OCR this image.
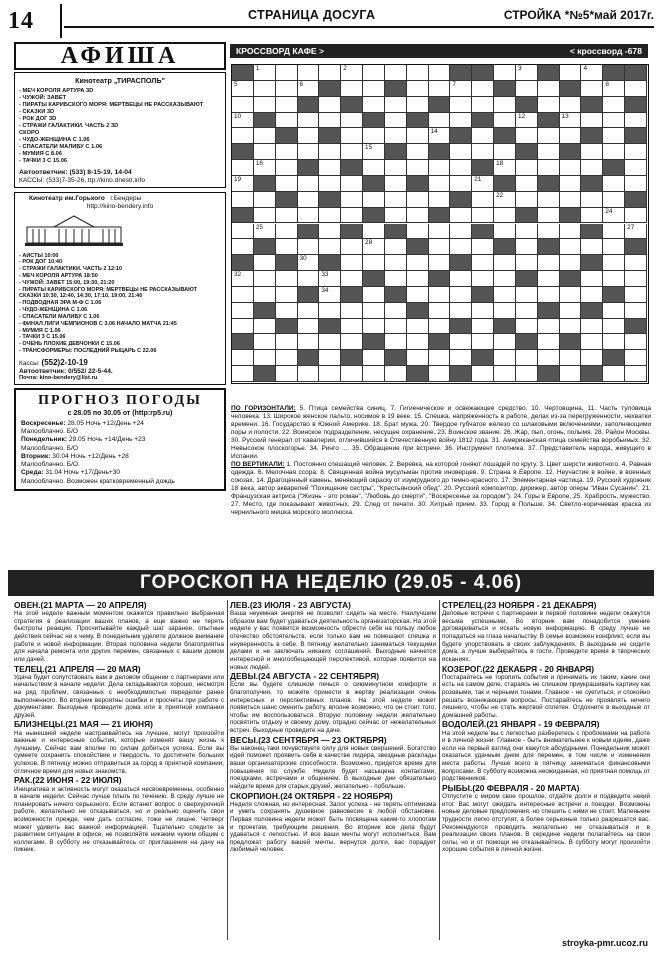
14	СТРАНИЦА ДОСУГА	СТРОЙКА *№5*май 2017г.
АФИША
Кинотеатр „ТИРАСПОЛЬ"
- МЕЧ КОРОЛЯ АРТУРА 3D
- ЧУЖОЙ: ЗАВЕТ
- ПИРАТЫ КАРИБСКОГО МОРЯ: МЕРТВЕЦЫ НЕ РАССКАЗЫВАЮТ
- СКАЗКИ 3D
- РОК ДОГ 3D
- СТРАЖИ ГАЛАКТИКИ. ЧАСТЬ 2 3D
СКОРО
- ЧУДО-ЖЕНЩИНА С 1.06
- СПАСАТЕЛИ МАЛИБУ С 1.06
- МУМИЯ С 8.06
- ТАЧКИ 3 С 15.06
Автоответчик: (533) 8-15-19, 14-04
КАССЫ: (533)7-35-26, ttp://kino.dnestr.info
Кинотеатр им.Горького г.Бендеры
http://kino-bendery.info
- АИСТЫ 10:00
- РОК ДОГ 10:40
- СТРАЖИ ГАЛАКТИКИ. ЧАСТЬ 2 12:10
- МЕЧ КОРОЛЯ АРТУРА 18:50
- ЧУЖОЙ: ЗАВЕТ 15:00, 19:30, 21:20
- ПИРАТЫ КАРИБСКОГО МОРЯ: МЕРТВЕЦЫ НЕ РАССКАЗЫВАЮТ
СКАЗКИ 10:30, 12:40, 14:30, 17:10, 19:00, 21:40
- ПОДВОДНАЯ ЭРА М-Ф С 1.06
- ЧУДО-ЖЕНЩИНА С 1.06
- СПАСАТЕЛИ МАЛИБУ С 1.06
- ФИНАЛ ЛИГИ ЧЕМПИОНОВ С 3.06 НАЧАЛО МАТЧА 21:45
- МУМИЯ С 1.06
- ТАЧКИ 3 С 15.06
- ОЧЕНЬ ПЛОХИЕ ДЕВЧОНКИ С 15.06
- ТРАНСФОРМЕРЫ: ПОСЛЕДНИЙ РЫЦАРЬ С 22.06
Кассы: (552)2-10-19
Автоответчик: 0/552/ 22-5-44.
Почта: kino-bendery@list.ru
ПРОГНОЗ ПОГОДЫ
с 28.05 по 30.05 от (http:rp5.ru)
Воскресенье: 28.05 Ночь +12/День +24
Малооблачно. Б/О
Понедельник: 29.05 Ночь +14/День +23
Малооблачно. Б/О
Вторник: 30.04 Ночь +12/День +28
Малооблачно. Б/О.
Среда: 31.04 Ночь +17/День+30
Малооблачно. Возможен кратковременный дождь
КРОССВОРД КАФЕ >	< кроссворд -678
1	2	3	4
5	6	7	8
10	12	13
14
15
16	18
19	21
22
24
25	27
28
30
32	33
34
ПО ГОРИЗОНТАЛИ: 5. Птица семейства синиц. 7. Гигиеническое и освежающее средство. 10. Чертовщина. 11. Часть туловища человека. 13. Широкое женское пальто, носимое в 19 веке. 15. Спешка, напряженность в работе, делах из-за перегруженности, нехватки времени. 16. Государство в Южной Америке. 18. Брат мужа. 20. Твердое губчатое железо со шлаковыми включениями, заполняющими поры и полости. 22. Воинское подразделение, несущее охранение. 23. Воинское звание. 26. Жар, пыл, огонь, полымя. 28. Район Москвы. 30. Русский генерал от кавалерии, отличившийся в Отечественную войну 1812 года. 31. Американская птица семейства воробьиных. 32. Невысокое плоскогорье. 34. Ринго .... 35. Обращение при встрече. 36. Инструмент плотника. 37. Представитель народа, живущего в Испании.
ПО ВЕРТИКАЛИ: 1. Постоянно спешащий человек. 2. Веревка, на которой гоняют лошадей по кругу. 3. Цвет шерсти животного. 4. Равная одежда. 6. Мелочная ссора. 8. Священная война мусульман против иноверцев. 9. Страна в Европе. 12. Неучастие в войне, в военных союзах. 14. Драгоценный камень, меняющий окраску от изумрудного до темно-красного. 17. Элементарная частица. 19. Русский художник 18 века, автор акварелей "Похищение сестры", "Крестьянский обед". 20. Русский композитор, дирижер, автор оперы "Иван Сусанин". 21. Французская актриса ("Жизнь - это роман", "Любовь до смерти", "Воскресенье за городом"). 24. Горы в Европе. 25. Храбрость, мужество. 27. Место, где показывают животных. 29. След от печати. 30. Хитрый прием. 33. Город в Польше. 34. Светло-коричневая краска из чернильного мешка морского моллюска.
ГОРОСКОП НА НЕДЕЛЮ (29.05 - 4.06)
ОВЕН.(21 МАРТА — 20 АПРЕЛЯ)

На этой неделе важным моментом окажется правильно выбранная стратегия в реализации ваших планов, а еще важно не терять быстроты реакции. Просчитывайте каждый шаг заранее, опытные действия сейчас ни к чему. В понедельник уделите должное внимание работе и новой информации. Вторая половина недели благоприятна для начала ремонта или других перемен, связанных с вашим домом или дачей.

ТЕЛЕЦ.(21 АПРЕЛЯ — 20 МАЯ)

Удача будет сопутствовать вам в деловом общении с партнерами или начальством в начале недели. Дела складываются хорошо, несмотря на ряд проблем, связанных с необходимостью переделки ранее выполненного. Во вторник вероятны ошибки и просчеты при работе с документами. Выходные проведите дома или в приятной компании друзей.

БЛИЗНЕЦЫ.(21 МАЯ — 21 ИЮНЯ)

На нынешней неделе настраивайтесь на лучшее, могут произойти важные и интересные события, которые изменят вашу жизнь к лучшему. Сейчас вам вполне по силам добиться успеха. Если вы сумеете сохранить спокойствие и твердость, то достигнете больших успехов. В пятницу можно отправиться за город в приятной компании, отличное время для новых знакомств.

РАК.(22 ИЮНЯ - 22 ИЮЛЯ)

Инициатива и активность могут оказаться несвоевременны, особенно в начале недели. Сейчас лучше плыть по течению. В среду лучше не планировать ничего серьезного. Если встанет вопрос о сверхурочной работе, желательно не отказываться, но и реально оценить свои возможности прежде, чем дать согласие, тоже не лишне. Четверг может удивить вас важной информацией. Тщательно следите за развитием ситуации в офисе, не позволяйте никаким чужим общим с коллегами. В субботу не отказывайтесь от приглашения на дачу на пикник.

ЛЕВ.(23 ИЮЛЯ - 23 АВГУСТА)

Ваша неуемная энергия не позволит сидеть на месте. Наилучшим образом вам будет удаваться деятельность организаторская. На этой неделе у вас появится возможность обрести себя на пользу любое отечество обстоятельств, если только вам не помешают спешка и неуверенность в себе. В пятницу желательно заниматься текущими делами и не заключать никаких соглашений. Выходные начнется интересной и многообещающей перспективой, которая появится на новых людей.

ДЕВЫ.(24 АВГУСТА - 22 СЕНТЯБРЯ)

Если вы будете слишком печься о сиюминутном комфорте и благополучии, то можете принести в жертву реализации очень интересных и перспективных планов. На этой неделе может появиться шанс сменить работу, вполне возможно, что он стоит того, чтобы им воспользоваться. Вторую половину недели желательно посвятить отдыху и своему дому, отрадно сейчас от нежелательных встреч. Выходные проведите на даче.

ВЕСЫ.(23 СЕНТЯБРЯ — 23 ОКТЯБРЯ)

Вы наконец-таки почувствуете силу для новых свершений. Богатство идей поможет проявить себя в качестве лидера, звездные расклады ваши организаторские способности. Возможно, придется время для повышения по службе. Неделя будет насыщена контактами, поездками, встречами и общением. В выходные дни обязательно найдите время для старых друзей, желательно - побольше.

СКОРПИОН.(24 ОКТЯБРЯ - 22 НОЯБРЯ)

Неделя сложная, но интересная. Залог успеха - не терять оптимизма и уметь сохранять душевное равновесие в любой обстановке. Первая половина недели может быть посвящена каким-то хлопотам и проектам, требующим решения. Во вторник все дела будут удаваться с легкостью. И все ваши мечты могут исполниться. Вам предложат работу вашей мечты, вернутся долги, вас порадует любимый человек.

СТРЕЛЕЦ.(23 НОЯБРЯ - 21 ДЕКАБРЯ)

Деловые встречи с партнерами в первой половине недели окажутся весьма успешными. Во вторник вам понадобится умение договариваться и искать новую информацию. В среду лучше не попадаться на глаза начальству. В семье возможен конфликт, если вы будете упорствовать в своих заблуждениях. В выходные не сидите дома, а лучше выбирайтесь в гости. Проведите время в творческих исканиях.

КОЗЕРОГ.(22 ДЕКАБРЯ - 20 ЯНВАРЯ)

Постарайтесь не торопить события и принимать их таким, какие они есть на самом деле, стараясь не слишком приукрашивать картину как розовыми, так и черными тонами. Главное - не суетиться, и спокойно решать возникающие вопросы. Постарайтесь не проявлять ничего лишнего, чтобы не стать жертвой сплетен. Отдохните в выходные от домашней работы.

ВОДОЛЕЙ.(21 ЯНВАРЯ - 19 ФЕВРАЛЯ)

На этой неделе вы с легкостью разберетесь с проблемами на работе и в личной жизни. Главное - быть внимательнее к новым идеям, даже если на первый взгляд они кажутся абсурдными. Понедельник может оказаться удачным днем для перемен, в том числе и изменения места работы. Лучше всего в пятницу заниматься финансовыми вопросами. В субботу возможна неожиданная, но приятная помощь от родственников.

РЫБЫ.(20 ФЕВРАЛЯ - 20 МАРТА)

Отпустите с миром свое прошлое, отдайте долги и подведите некий итог. Вас могут ожидать интересные встречи и поездки. Возможны новые деловые предложения, но спешить с ними не стоит. Маленькие трудности легко отступят, а более серьезные только разрешатся вас. Рекомендуются проводить желательно не отказываться и в реализации своих планов. В середине недели полагайтесь на свои силы, но и от помощи не отказывайтесь. В субботу могут произойти хорошие события в личной жизни.

stroyka-pmr.ucoz.ru
